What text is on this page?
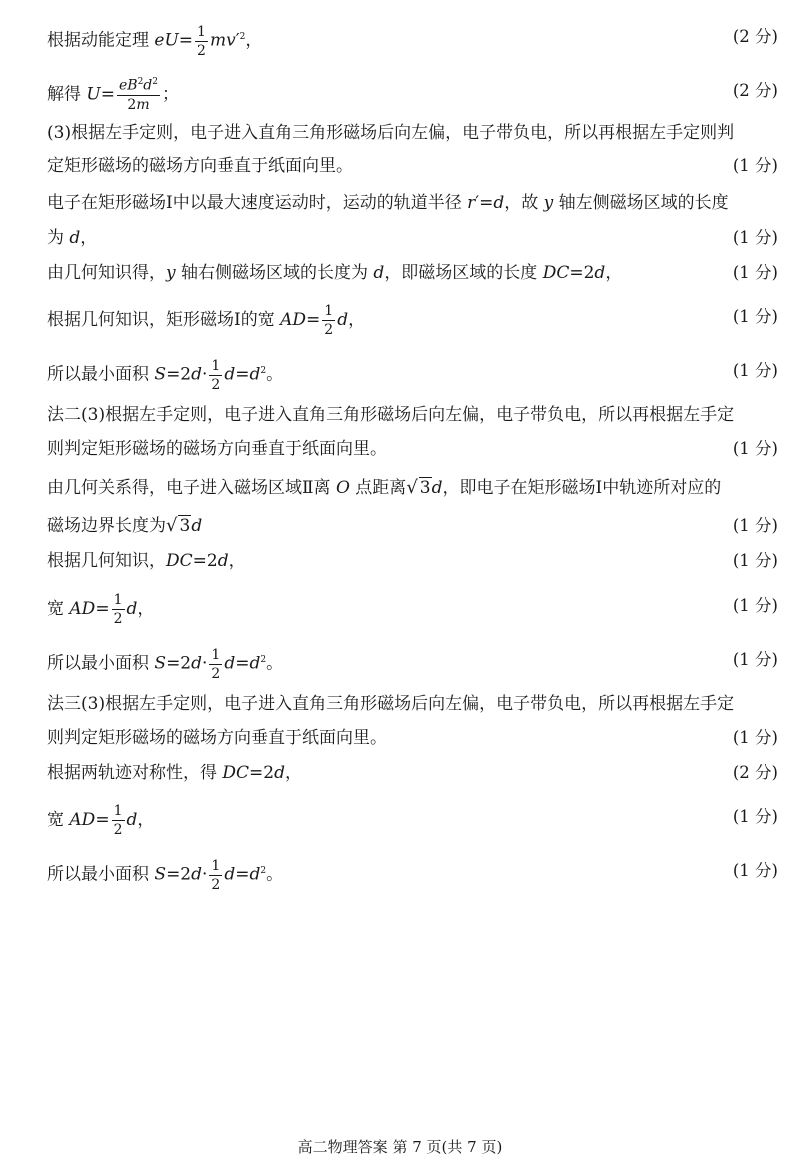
根据动能定理 $eU= \frac{1}{2} mv'^2$，	(2 分)
解得 $U= \frac{eB^2d^2}{2m}$ ；	(2 分)
(3)根据左手定则，电子进入直角三角形磁场后向左偏，电子带负电，所以再根据左手定则判
定矩形磁场的磁场方向垂直于纸面向里。	(1 分)
电子在矩形磁场Ⅰ中以最大速度运动时，运动的轨道半径 r′=d，故 y 轴左侧磁场区域的长度
为 d，	(1 分)
由几何知识得，y 轴右侧磁场区域的长度为 d，即磁场区域的长度 DC=2d，	(1 分)
根据几何知识，矩形磁场Ⅰ的宽 $AD= \frac{1}{2}$ d，	(1 分)
所以最小面积 $S=2d\cdot \frac{1}{2} d=d^2$。	(1 分)
法二(3)根据左手定则，电子进入直角三角形磁场后向左偏，电子带负电，所以再根据左手定
则判定矩形磁场的磁场方向垂直于纸面向里。	(1 分)
由几何关系得，电子进入磁场区域Ⅱ离 O 点距离√ 3d，即电子在矩形磁场Ⅰ中轨迹所对应的
磁场边界长度为√ 3d	(1 分)
根据几何知识，DC=2d，	(1 分)
宽 $AD= \frac{1}{2}$ d，	(1 分)
所以最小面积 $S=2d\cdot \frac{1}{2} d=d^2$。	(1 分)
法三(3)根据左手定则，电子进入直角三角形磁场后向左偏，电子带负电，所以再根据左手定
则判定矩形磁场的磁场方向垂直于纸面向里。	(1 分)
根据两轨迹对称性，得 DC=2d，	(2 分)
宽 $AD= \frac{1}{2}$ d，	(1 分)
所以最小面积 $S=2d\cdot \frac{1}{2} d=d^2$。	(1 分)
高二物理答案 第 7 页(共 7 页)
